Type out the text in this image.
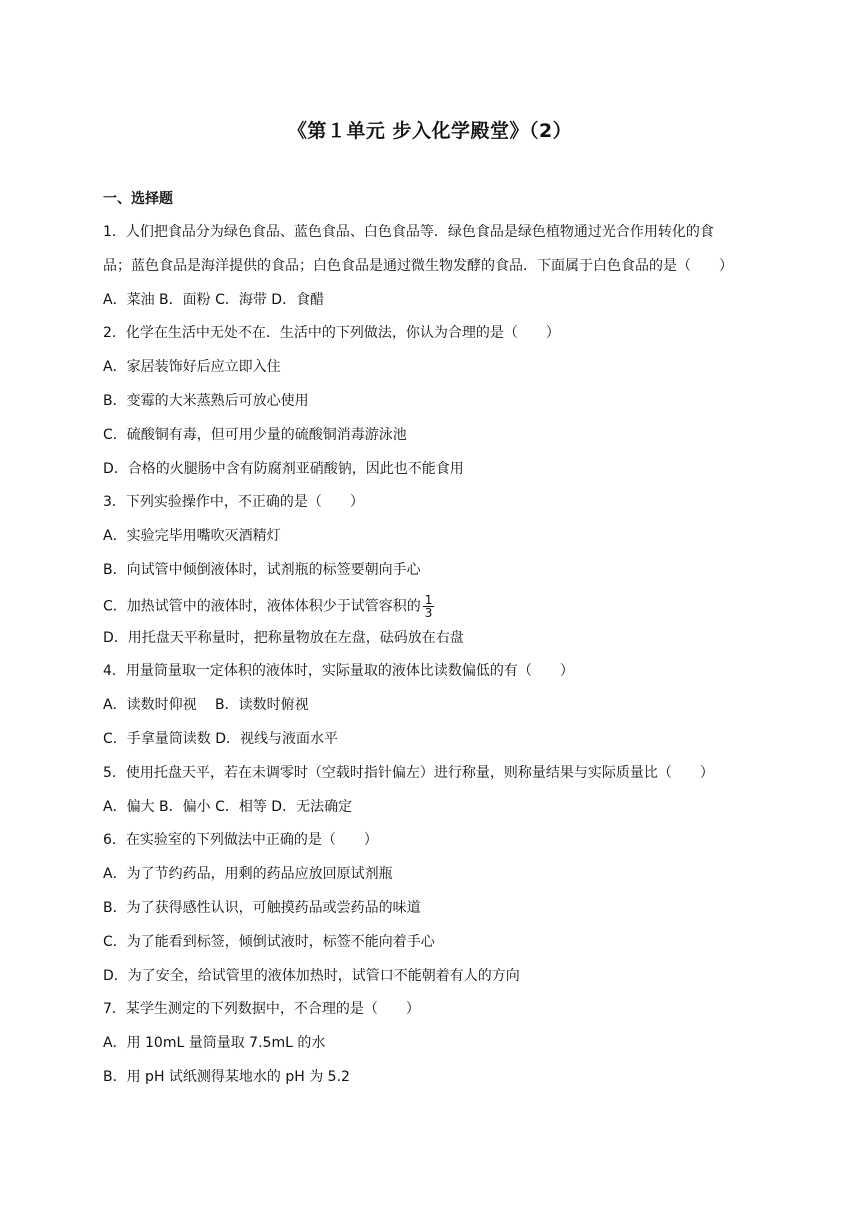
《第１单元 步入化学殿堂》（2）
一、选择题
1．人们把食品分为绿色食品、蓝色食品、白色食品等．绿色食品是绿色植物通过光合作用转化的食
品；蓝色食品是海洋提供的食品；白色食品是通过微生物发酵的食品．下面属于白色食品的是（　　）
A．菜油 B．面粉 C．海带 D．食醋
2．化学在生活中无处不在．生活中的下列做法，你认为合理的是（　　）
A．家居装饰好后应立即入住
B．变霉的大米蒸熟后可放心使用
C．硫酸铜有毒，但可用少量的硫酸铜消毒游泳池
D．合格的火腿肠中含有防腐剂亚硝酸钠，因此也不能食用
3．下列实验操作中，不正确的是（　　）
A．实验完毕用嘴吹灭酒精灯
B．向试管中倾倒液体时，试剂瓶的标签要朝向手心
C．加热试管中的液体时，液体体积少于试管容积的 $\frac{1}{3}$
D．用托盘天平称量时，把称量物放在左盘，砝码放在右盘
4．用量筒量取一定体积的液体时，实际量取的液体比读数偏低的有（　　）
A．读数时仰视　 B．读数时俯视
C．手拿量筒读数 D．视线与液面水平
5．使用托盘天平，若在未调零时（空载时指针偏左）进行称量，则称量结果与实际质量比（　　）
A．偏大 B．偏小 C．相等 D．无法确定
6．在实验室的下列做法中正确的是（　　）
A．为了节约药品，用剩的药品应放回原试剂瓶
B．为了获得感性认识，可触摸药品或尝药品的味道
C．为了能看到标签，倾倒试液时，标签不能向着手心
D．为了安全，给试管里的液体加热时，试管口不能朝着有人的方向
7．某学生测定的下列数据中，不合理的是（　　）
A．用 10mL 量筒量取 7.5mL 的水
B．用 pH 试纸测得某地水的 pH 为 5.2
